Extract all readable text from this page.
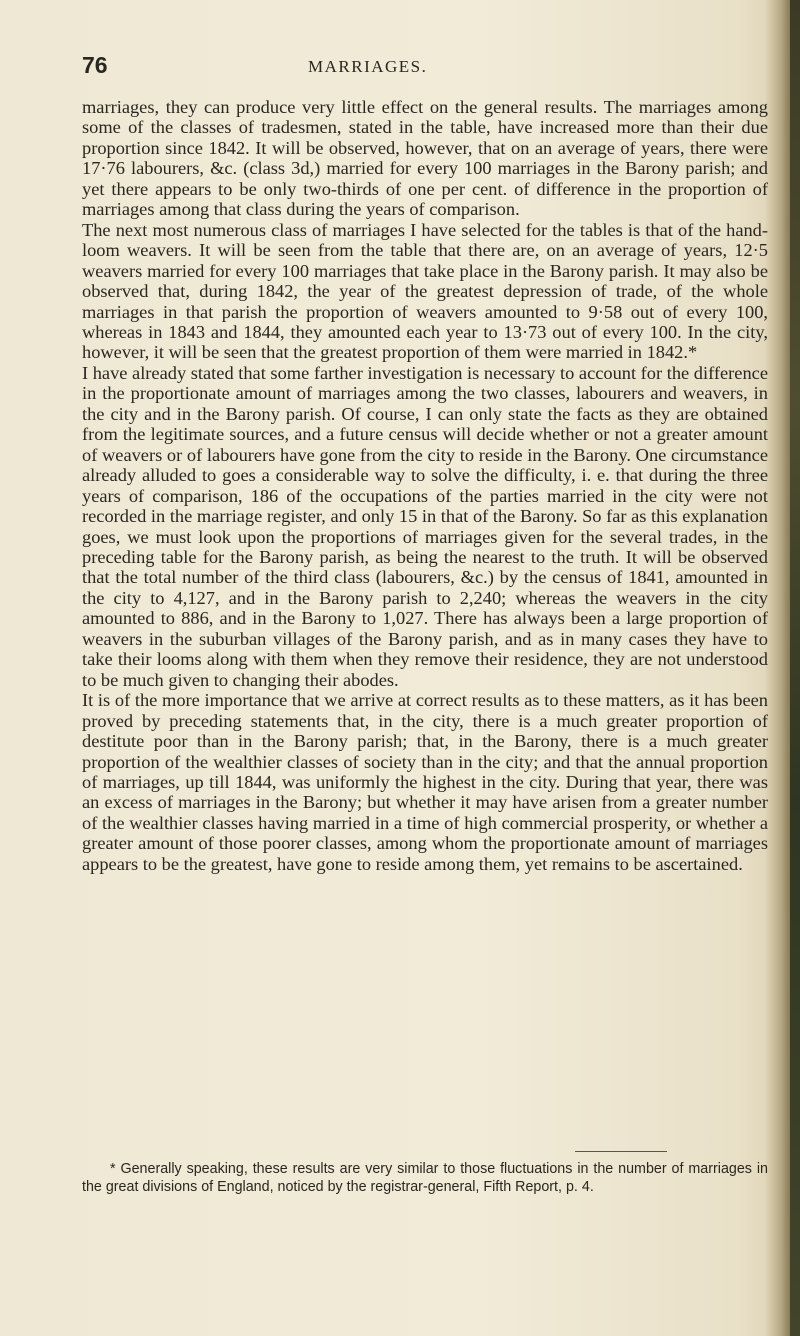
76	MARRIAGES.

marriages, they can produce very little effect on the general results. The marriages among some of the classes of tradesmen, stated in the table, have increased more than their due proportion since 1842. It will be observed, however, that on an average of years, there were 17·76 labourers, &c. (class 3d,) married for every 100 marriages in the Barony parish; and yet there appears to be only two-thirds of one per cent. of difference in the proportion of marriages among that class during the years of comparison.

The next most numerous class of marriages I have selected for the tables is that of the hand-loom weavers. It will be seen from the table that there are, on an average of years, 12·5 weavers married for every 100 marriages that take place in the Barony parish. It may also be observed that, during 1842, the year of the greatest depression of trade, of the whole marriages in that parish the proportion of weavers amounted to 9·58 out of every 100, whereas in 1843 and 1844, they amounted each year to 13·73 out of every 100. In the city, however, it will be seen that the greatest proportion of them were married in 1842.*

I have already stated that some farther investigation is necessary to account for the difference in the proportionate amount of marriages among the two classes, labourers and weavers, in the city and in the Barony parish. Of course, I can only state the facts as they are obtained from the legitimate sources, and a future census will decide whether or not a greater amount of weavers or of labourers have gone from the city to reside in the Barony. One circumstance already alluded to goes a considerable way to solve the difficulty, i. e. that during the three years of comparison, 186 of the occupations of the parties married in the city were not recorded in the marriage register, and only 15 in that of the Barony. So far as this explanation goes, we must look upon the proportions of marriages given for the several trades, in the preceding table for the Barony parish, as being the nearest to the truth. It will be observed that the total number of the third class (labourers, &c.) by the census of 1841, amounted in the city to 4,127, and in the Barony parish to 2,240; whereas the weavers in the city amounted to 886, and in the Barony to 1,027. There has always been a large proportion of weavers in the suburban villages of the Barony parish, and as in many cases they have to take their looms along with them when they remove their residence, they are not understood to be much given to changing their abodes.

It is of the more importance that we arrive at correct results as to these matters, as it has been proved by preceding statements that, in the city, there is a much greater proportion of destitute poor than in the Barony parish; that, in the Barony, there is a much greater proportion of the wealthier classes of society than in the city; and that the annual proportion of marriages, up till 1844, was uniformly the highest in the city. During that year, there was an excess of marriages in the Barony; but whether it may have arisen from a greater number of the wealthier classes having married in a time of high commercial prosperity, or whether a greater amount of those poorer classes, among whom the proportionate amount of marriages appears to be the greatest, have gone to reside among them, yet remains to be ascertained.

* Generally speaking, these results are very similar to those fluctuations in the number of marriages in the great divisions of England, noticed by the registrar-general, Fifth Report, p. 4.
